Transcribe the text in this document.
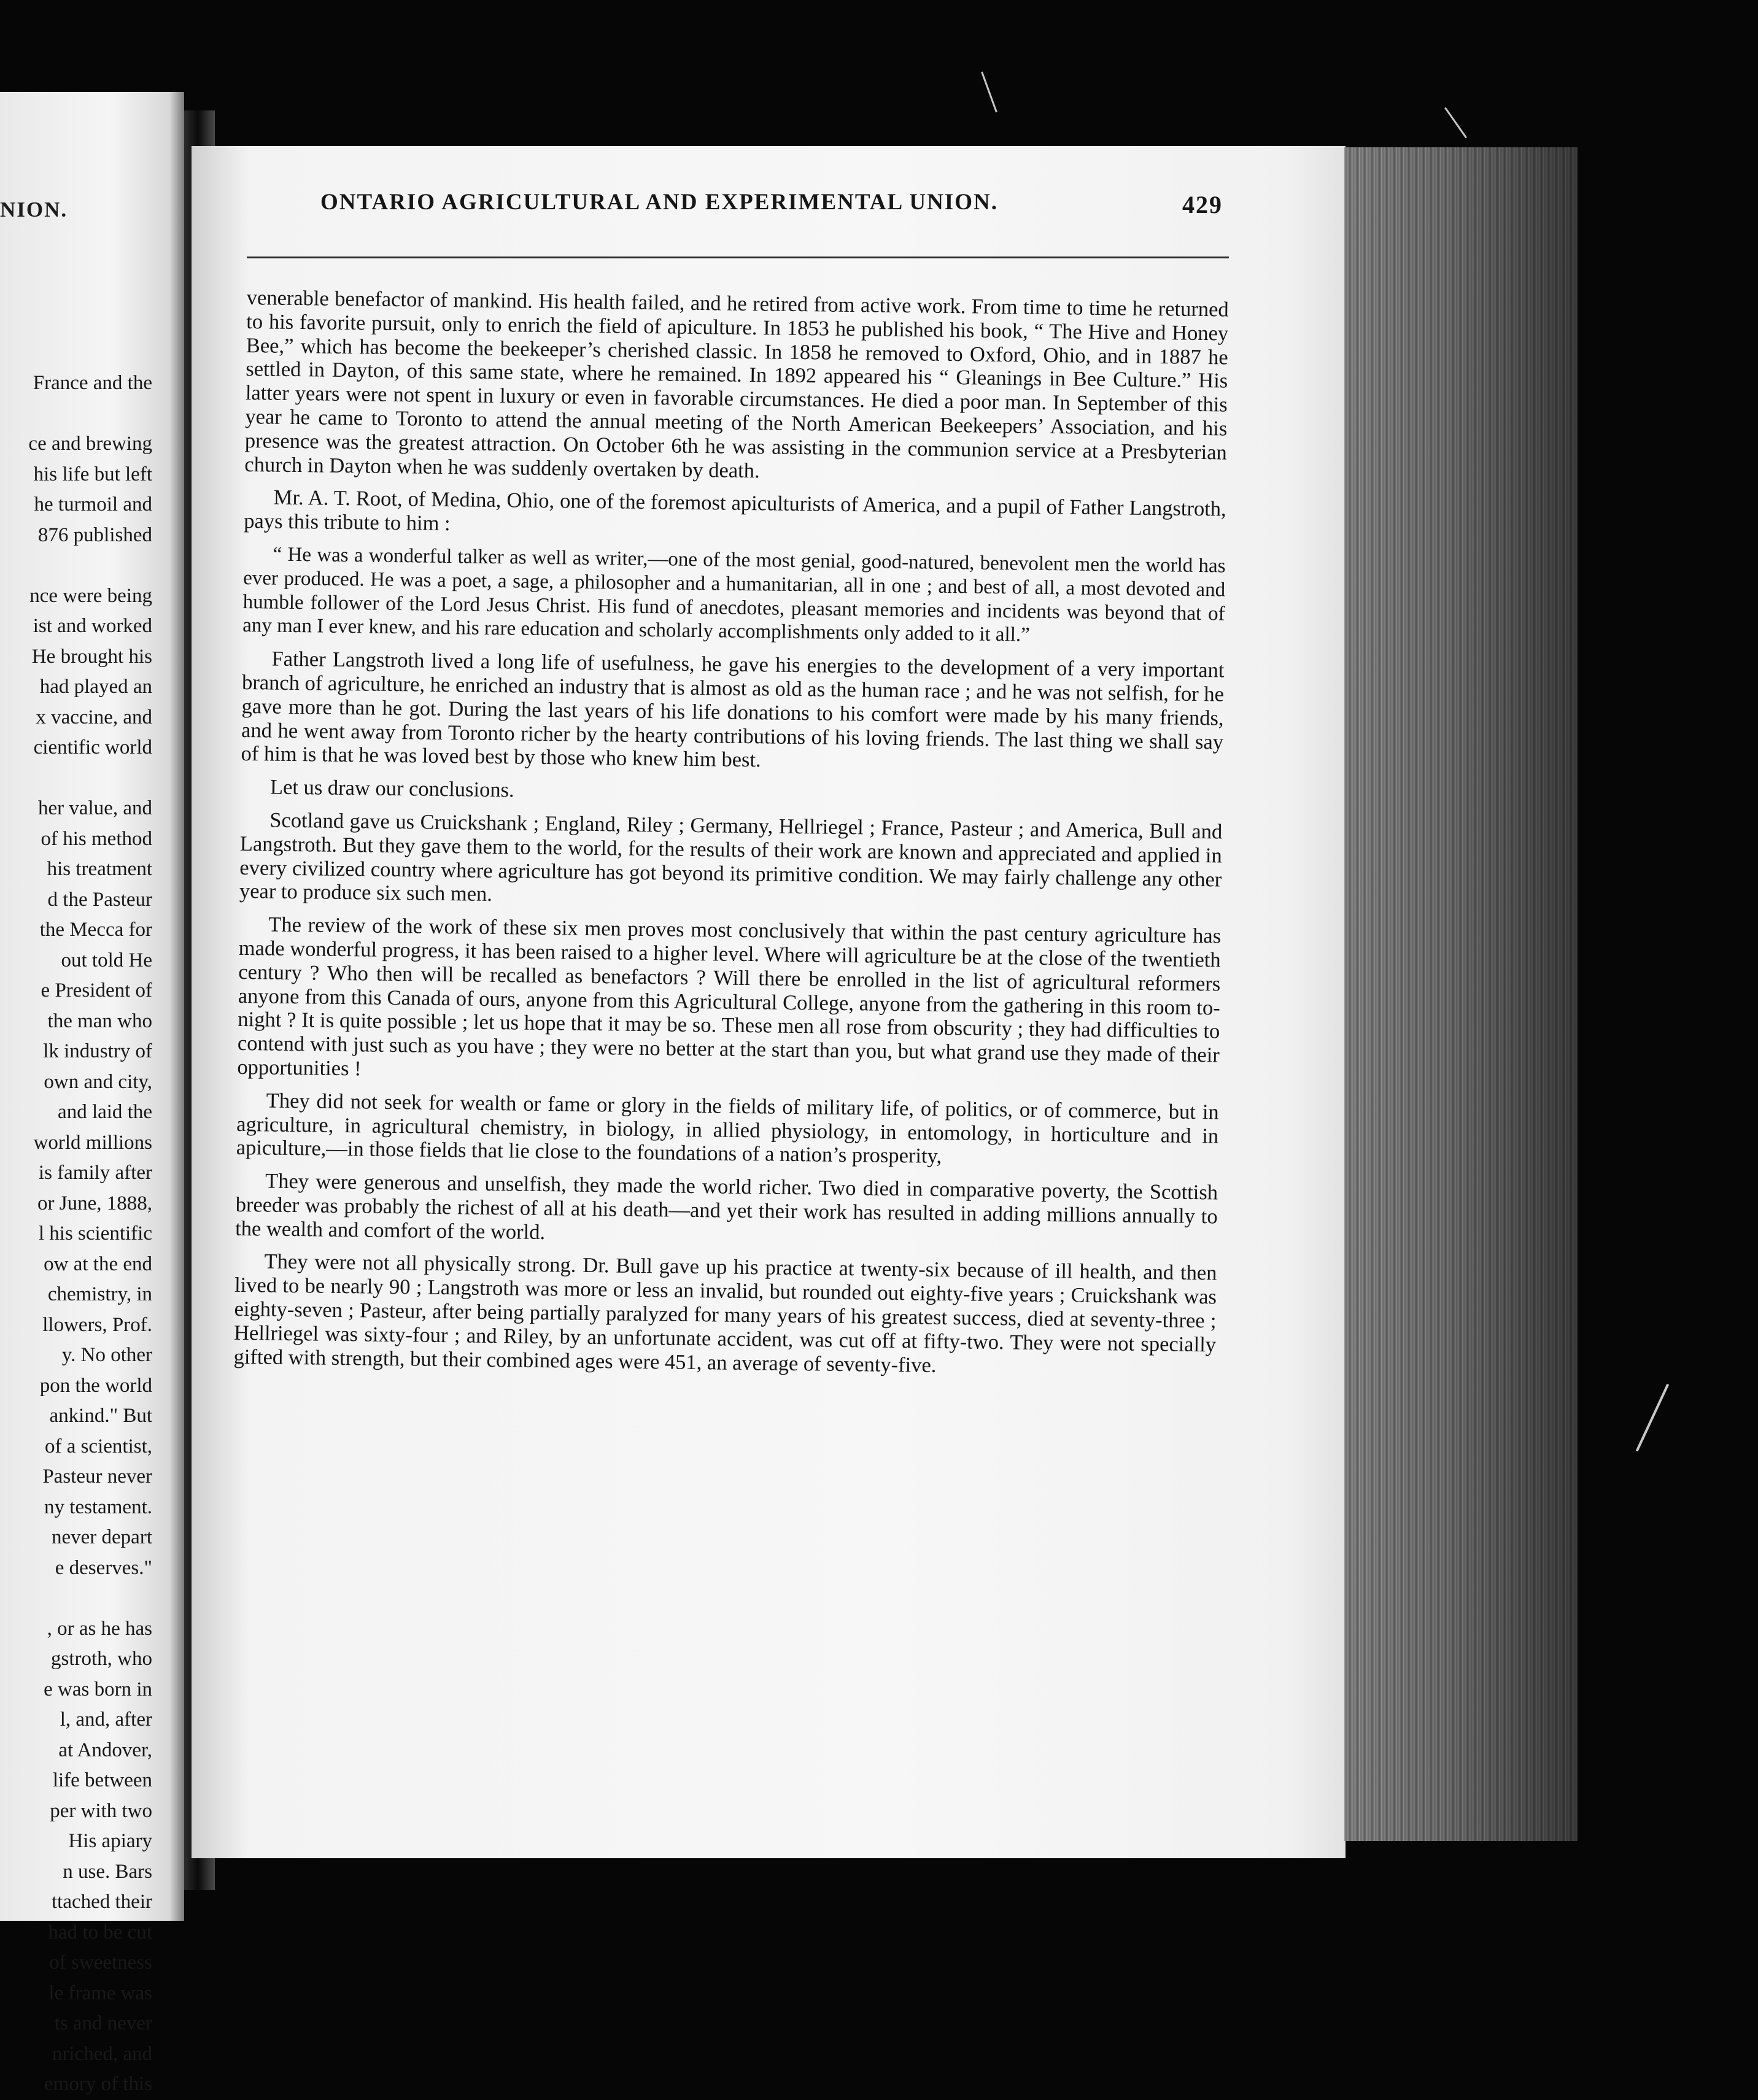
NION.
France and the
ce and brewing
his life but left
he turmoil and
876 published
nce were being
ist and worked
He brought his
had played an
x vaccine, and
cientific world
her value, and
of his method
his treatment
d the Pasteur
the Mecca for
out told He
e President of
the man who
lk industry of
own and city,
and laid the
world millions
is family after
or June, 1888,
l his scientific
ow at the end
chemistry, in
llowers, Prof.
y. No other
pon the world
ankind." But
of a scientist,
Pasteur never
ny testament.
never depart
e deserves."
, or as he has
gstroth, who
e was born in
l, and, after
at Andover,
life between
per with two
His apiary
n use. Bars
ttached their
had to be cut
of sweetness
le frame was
ts and never
nriched, and
emory of this
ONTARIO AGRICULTURAL AND EXPERIMENTAL UNION.	429

venerable benefactor of mankind. His health failed, and he retired from active work. From time to time he returned to his favorite pursuit, only to enrich the field of apiculture. In 1853 he published his book, “ The Hive and Honey Bee,” which has become the beekeeper’s cherished classic. In 1858 he removed to Oxford, Ohio, and in 1887 he settled in Dayton, of this same state, where he remained. In 1892 appeared his “ Gleanings in Bee Culture.” His latter years were not spent in luxury or even in favorable circumstances. He died a poor man. In September of this year he came to Toronto to attend the annual meeting of the North American Beekeepers’ Association, and his presence was the greatest attraction. On October 6th he was assisting in the communion service at a Presbyterian church in Dayton when he was suddenly overtaken by death.

Mr. A. T. Root, of Medina, Ohio, one of the foremost apiculturists of America, and a pupil of Father Langstroth, pays this tribute to him :

“ He was a wonderful talker as well as writer,—one of the most genial, good-natured, benevolent men the world has ever produced. He was a poet, a sage, a philosopher and a humanitarian, all in one ; and best of all, a most devoted and humble follower of the Lord Jesus Christ. His fund of anecdotes, pleasant memories and incidents was beyond that of any man I ever knew, and his rare education and scholarly accomplishments only added to it all.”

Father Langstroth lived a long life of usefulness, he gave his energies to the development of a very important branch of agriculture, he enriched an industry that is almost as old as the human race ; and he was not selfish, for he gave more than he got. During the last years of his life donations to his comfort were made by his many friends, and he went away from Toronto richer by the hearty contributions of his loving friends. The last thing we shall say of him is that he was loved best by those who knew him best.

Let us draw our conclusions.

Scotland gave us Cruickshank ; England, Riley ; Germany, Hellriegel ; France, Pasteur ; and America, Bull and Langstroth. But they gave them to the world, for the results of their work are known and appreciated and applied in every civilized country where agriculture has got beyond its primitive condition. We may fairly challenge any other year to produce six such men.

The review of the work of these six men proves most conclusively that within the past century agriculture has made wonderful progress, it has been raised to a higher level. Where will agriculture be at the close of the twentieth century ? Who then will be recalled as benefactors ? Will there be enrolled in the list of agricultural reformers anyone from this Canada of ours, anyone from this Agricultural College, anyone from the gathering in this room to-night ? It is quite possible ; let us hope that it may be so. These men all rose from obscurity ; they had difficulties to contend with just such as you have ; they were no better at the start than you, but what grand use they made of their opportunities !

They did not seek for wealth or fame or glory in the fields of military life, of politics, or of commerce, but in agriculture, in agricultural chemistry, in biology, in allied physiology, in entomology, in horticulture and in apiculture,—in those fields that lie close to the foundations of a nation’s prosperity,

They were generous and unselfish, they made the world richer. Two died in comparative poverty, the Scottish breeder was probably the richest of all at his death—and yet their work has resulted in adding millions annually to the wealth and comfort of the world.

They were not all physically strong. Dr. Bull gave up his practice at twenty-six because of ill health, and then lived to be nearly 90 ; Langstroth was more or less an invalid, but rounded out eighty-five years ; Cruickshank was eighty-seven ; Pasteur, after being partially paralyzed for many years of his greatest success, died at seventy-three ; Hellriegel was sixty-four ; and Riley, by an unfortunate accident, was cut off at fifty-two. They were not specially gifted with strength, but their combined ages were 451, an average of seventy-five.
